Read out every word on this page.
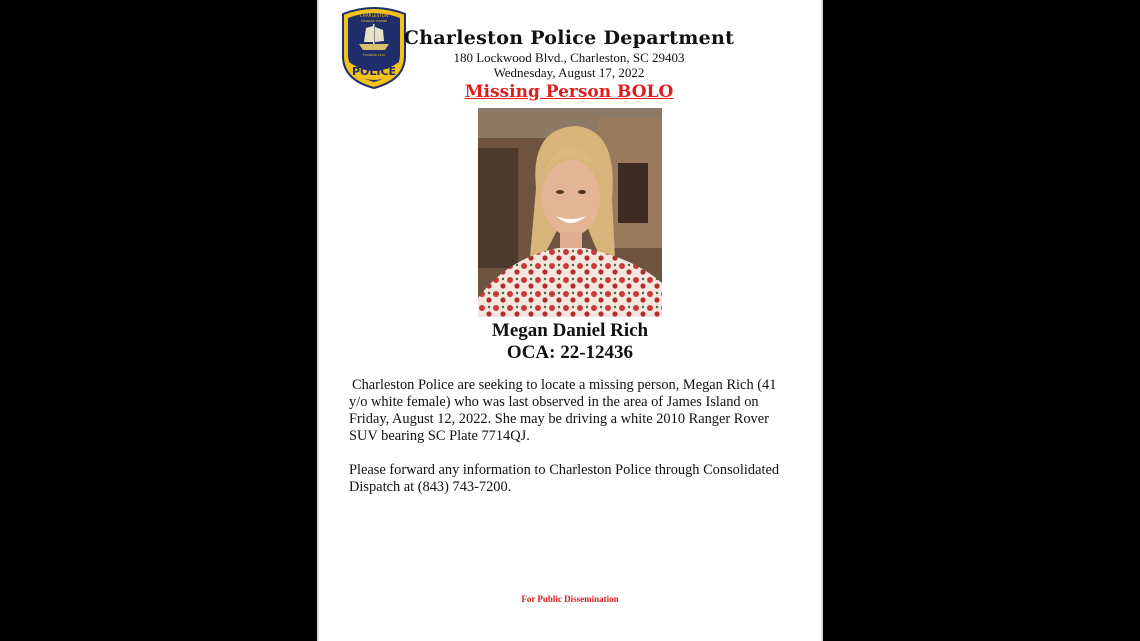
CHARLESTON
CHARLES TOWNE
FOUNDED 1670
POLICE
Charleston Police Department
180 Lockwood Blvd., Charleston, SC 29403
Wednesday, August 17, 2022
Missing Person BOLO
Megan Daniel Rich
OCA: 22-12436

Charleston Police are seeking to locate a missing person, Megan Rich (41 y/o white female) who was last observed in the area of James Island on Friday, August 12, 2022. She may be driving a white 2010 Ranger Rover SUV bearing SC Plate 7714QJ.

Please forward any information to Charleston Police through Consolidated Dispatch at (843) 743-7200.

For Public Dissemination
